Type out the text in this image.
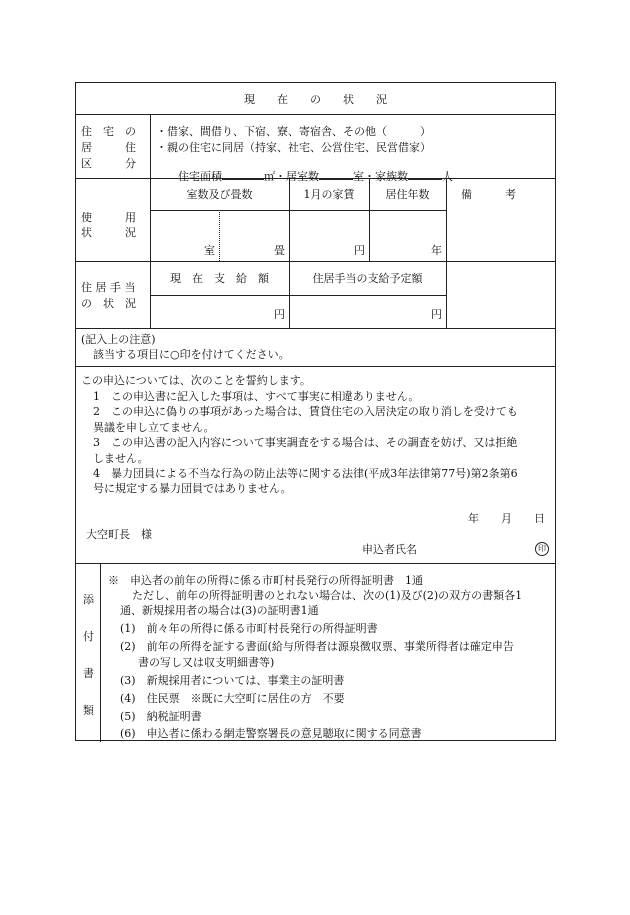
現　　在　　の　　状　　況
住　宅　の
居　　　住
区　　　分
・借家、間借り、下宿、寮、寄宿舎、その他（　　　）
・親の住宅に同居（持家、社宅、公営住宅、民営借家）

住宅面積	㎡・居室数	室・家族数	人

使　　　用
状　　　況
室数及び畳数	1月の家賃	居住年数	備　　　考
室	畳	円	年
住 居 手 当
の　状　況
現　在　支　給　額	住居手当の支給予定額
円	円
(記入上の注意)
該当する項目に○印を付けてください。
この申込については、次のことを誓約します。
1　この申込書に記入した事項は、すべて事実に相違ありません。
2　この申込に偽りの事項があった場合は、賃貸住宅の入居決定の取り消しを受けても
異議を申し立てません。
3　この申込書の記入内容について事実調査をする場合は、その調査を妨げ、又は拒絶
しません。
4　暴力団員による不当な行為の防止法等に関する法律(平成3年法律第77号)第2条第6
号に規定する暴力団員ではありません。
年　　月　　日
大空町長　様
申込者氏名	印
添
付
書
類
※　申込者の前年の所得に係る市町村長発行の所得証明書　1通
ただし、前年の所得証明書のとれない場合は、次の(1)及び(2)の双方の書類各1
通、新規採用者の場合は(3)の証明書1通
(1)　前々年の所得に係る市町村長発行の所得証明書
(2)　前年の所得を証する書面(給与所得者は源泉徴収票、事業所得者は確定申告
書の写し又は収支明細書等)
(3)　新規採用者については、事業主の証明書
(4)　住民票　※既に大空町に居住の方　不要
(5)　納税証明書
(6)　申込者に係わる網走警察署長の意見聴取に関する同意書
